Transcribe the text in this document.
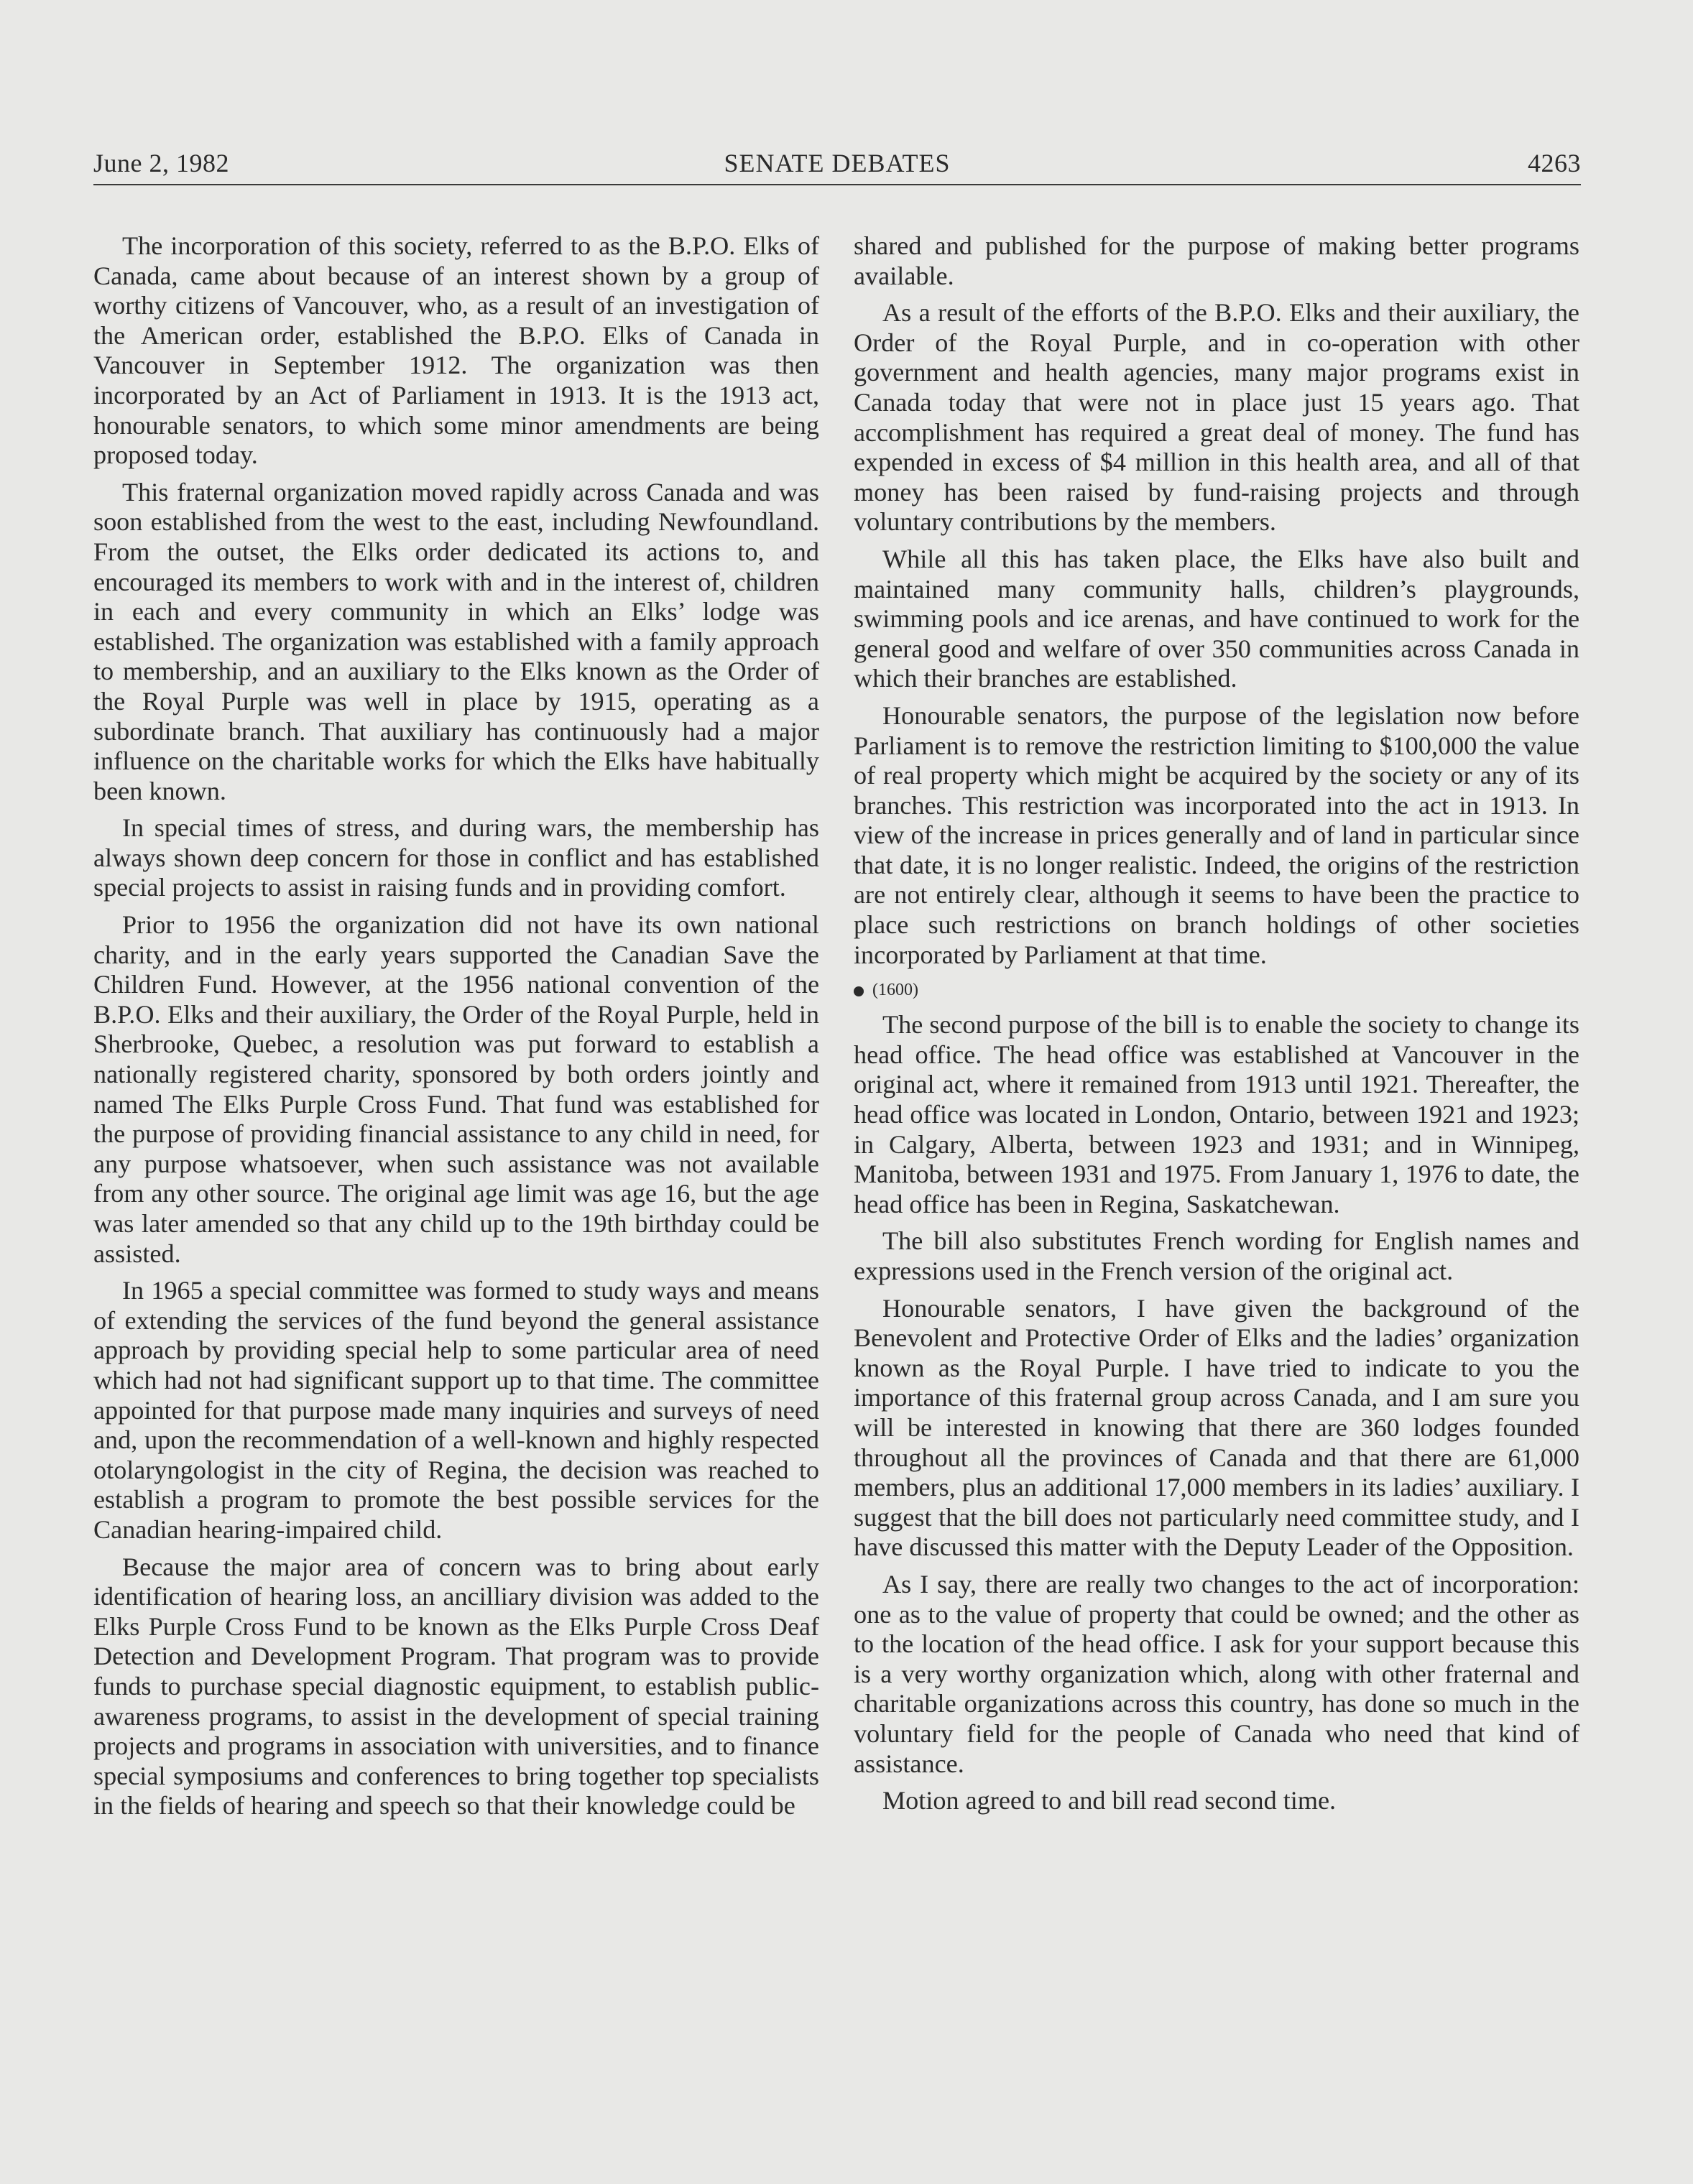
June 2, 1982	SENATE DEBATES	4263

The incorporation of this society, referred to as the B.P.O. Elks of Canada, came about because of an interest shown by a group of worthy citizens of Vancouver, who, as a result of an investigation of the American order, established the B.P.O. Elks of Canada in Vancouver in September 1912. The organization was then incorporated by an Act of Parliament in 1913. It is the 1913 act, honourable senators, to which some minor amendments are being proposed today.

This fraternal organization moved rapidly across Canada and was soon established from the west to the east, including Newfoundland. From the outset, the Elks order dedicated its actions to, and encouraged its members to work with and in the interest of, children in each and every community in which an Elks’ lodge was established. The organization was established with a family approach to membership, and an auxiliary to the Elks known as the Order of the Royal Purple was well in place by 1915, operating as a subordinate branch. That auxiliary has continuously had a major influence on the charitable works for which the Elks have habitually been known.

In special times of stress, and during wars, the membership has always shown deep concern for those in conflict and has established special projects to assist in raising funds and in providing comfort.

Prior to 1956 the organization did not have its own national charity, and in the early years supported the Canadian Save the Children Fund. However, at the 1956 national convention of the B.P.O. Elks and their auxiliary, the Order of the Royal Purple, held in Sherbrooke, Quebec, a resolution was put forward to establish a nationally registered charity, sponsored by both orders jointly and named The Elks Purple Cross Fund. That fund was established for the purpose of providing financial assistance to any child in need, for any purpose whatsoever, when such assistance was not available from any other source. The original age limit was age 16, but the age was later amended so that any child up to the 19th birthday could be assisted.

In 1965 a special committee was formed to study ways and means of extending the services of the fund beyond the general assistance approach by providing special help to some particular area of need which had not had significant support up to that time. The committee appointed for that purpose made many inquiries and surveys of need and, upon the recommendation of a well-known and highly respected otolaryngologist in the city of Regina, the decision was reached to establish a program to promote the best possible services for the Canadian hearing-impaired child.

Because the major area of concern was to bring about early identification of hearing loss, an ancilliary division was added to the Elks Purple Cross Fund to be known as the Elks Purple Cross Deaf Detection and Development Program. That program was to provide funds to purchase special diagnostic equipment, to establish public-awareness programs, to assist in the development of special training projects and programs in association with universities, and to finance special symposiums and conferences to bring together top specialists in the fields of hearing and speech so that their knowledge could be

shared and published for the purpose of making better programs available.

As a result of the efforts of the B.P.O. Elks and their auxiliary, the Order of the Royal Purple, and in co-operation with other government and health agencies, many major programs exist in Canada today that were not in place just 15 years ago. That accomplishment has required a great deal of money. The fund has expended in excess of $4 million in this health area, and all of that money has been raised by fund-raising projects and through voluntary contributions by the members.

While all this has taken place, the Elks have also built and maintained many community halls, children’s playgrounds, swimming pools and ice arenas, and have continued to work for the general good and welfare of over 350 communities across Canada in which their branches are established.

Honourable senators, the purpose of the legislation now before Parliament is to remove the restriction limiting to $100,000 the value of real property which might be acquired by the society or any of its branches. This restriction was incorporated into the act in 1913. In view of the increase in prices generally and of land in particular since that date, it is no longer realistic. Indeed, the origins of the restriction are not entirely clear, although it seems to have been the practice to place such restrictions on branch holdings of other societies incorporated by Parliament at that time.

(1600)

The second purpose of the bill is to enable the society to change its head office. The head office was established at Vancouver in the original act, where it remained from 1913 until 1921. Thereafter, the head office was located in London, Ontario, between 1921 and 1923; in Calgary, Alberta, between 1923 and 1931; and in Winnipeg, Manitoba, between 1931 and 1975. From January 1, 1976 to date, the head office has been in Regina, Saskatchewan.

The bill also substitutes French wording for English names and expressions used in the French version of the original act.

Honourable senators, I have given the background of the Benevolent and Protective Order of Elks and the ladies’ organization known as the Royal Purple. I have tried to indicate to you the importance of this fraternal group across Canada, and I am sure you will be interested in knowing that there are 360 lodges founded throughout all the provinces of Canada and that there are 61,000 members, plus an additional 17,000 members in its ladies’ auxiliary. I suggest that the bill does not particularly need committee study, and I have discussed this matter with the Deputy Leader of the Opposition.

As I say, there are really two changes to the act of incorporation: one as to the value of property that could be owned; and the other as to the location of the head office. I ask for your support because this is a very worthy organization which, along with other fraternal and charitable organizations across this country, has done so much in the voluntary field for the people of Canada who need that kind of assistance.

Motion agreed to and bill read second time.
